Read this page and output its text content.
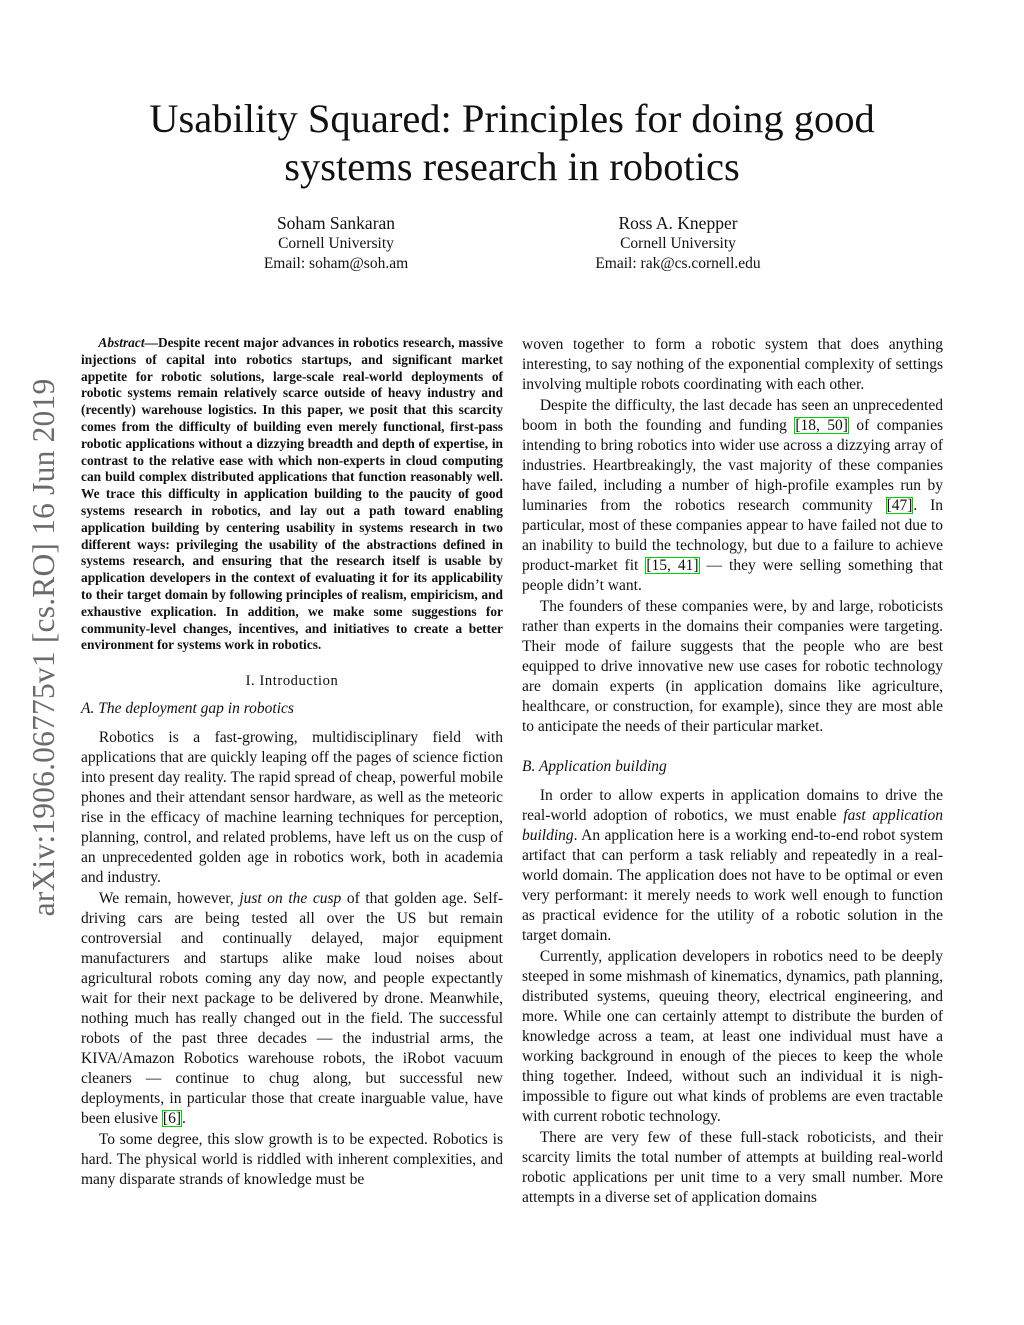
arXiv:1906.06775v1 [cs.RO] 16 Jun 2019
Usability Squared: Principles for doing good systems research in robotics
Soham Sankaran
Cornell University
Email: soham@soh.am
Ross A. Knepper
Cornell University
Email: rak@cs.cornell.edu

Abstract—Despite recent major advances in robotics research, massive injections of capital into robotics startups, and significant market appetite for robotic solutions, large-scale real-world deployments of robotic systems remain relatively scarce outside of heavy industry and (recently) warehouse logistics. In this paper, we posit that this scarcity comes from the difficulty of building even merely functional, first-pass robotic applications without a dizzying breadth and depth of expertise, in contrast to the relative ease with which non-experts in cloud computing can build complex distributed applications that function reasonably well. We trace this difficulty in application building to the paucity of good systems research in robotics, and lay out a path toward enabling application building by centering usability in systems research in two different ways: privileging the usability of the abstractions defined in systems research, and ensuring that the research itself is usable by application developers in the context of evaluating it for its applicability to their target domain by following principles of realism, empiricism, and exhaustive explication. In addition, we make some suggestions for community-level changes, incentives, and initiatives to create a better environment for systems work in robotics.

I. Introduction
A. The deployment gap in robotics

Robotics is a fast-growing, multidisciplinary field with applications that are quickly leaping off the pages of science fiction into present day reality. The rapid spread of cheap, powerful mobile phones and their attendant sensor hardware, as well as the meteoric rise in the efficacy of machine learning techniques for perception, planning, control, and related problems, have left us on the cusp of an unprecedented golden age in robotics work, both in academia and industry.

We remain, however, just on the cusp of that golden age. Self-driving cars are being tested all over the US but remain controversial and continually delayed, major equipment manufacturers and startups alike make loud noises about agricultural robots coming any day now, and people expectantly wait for their next package to be delivered by drone. Meanwhile, nothing much has really changed out in the field. The successful robots of the past three decades — the industrial arms, the KIVA/Amazon Robotics warehouse robots, the iRobot vacuum cleaners — continue to chug along, but successful new deployments, in particular those that create inarguable value, have been elusive [6].

To some degree, this slow growth is to be expected. Robotics is hard. The physical world is riddled with inherent complexities, and many disparate strands of knowledge must be

woven together to form a robotic system that does anything interesting, to say nothing of the exponential complexity of settings involving multiple robots coordinating with each other.

Despite the difficulty, the last decade has seen an unprecedented boom in both the founding and funding [18, 50] of companies intending to bring robotics into wider use across a dizzying array of industries. Heartbreakingly, the vast majority of these companies have failed, including a number of high-profile examples run by luminaries from the robotics research community [47]. In particular, most of these companies appear to have failed not due to an inability to build the technology, but due to a failure to achieve product-market fit [15, 41] — they were selling something that people didn’t want.

The founders of these companies were, by and large, roboticists rather than experts in the domains their companies were targeting. Their mode of failure suggests that the people who are best equipped to drive innovative new use cases for robotic technology are domain experts (in application domains like agriculture, healthcare, or construction, for example), since they are most able to anticipate the needs of their particular market.

B. Application building

In order to allow experts in application domains to drive the real-world adoption of robotics, we must enable fast application building. An application here is a working end-to-end robot system artifact that can perform a task reliably and repeatedly in a real-world domain. The application does not have to be optimal or even very performant: it merely needs to work well enough to function as practical evidence for the utility of a robotic solution in the target domain.

Currently, application developers in robotics need to be deeply steeped in some mishmash of kinematics, dynamics, path planning, distributed systems, queuing theory, electrical engineering, and more. While one can certainly attempt to distribute the burden of knowledge across a team, at least one individual must have a working background in enough of the pieces to keep the whole thing together. Indeed, without such an individual it is nigh-impossible to figure out what kinds of problems are even tractable with current robotic technology.

There are very few of these full-stack roboticists, and their scarcity limits the total number of attempts at building real-world robotic applications per unit time to a very small number. More attempts in a diverse set of application domains
